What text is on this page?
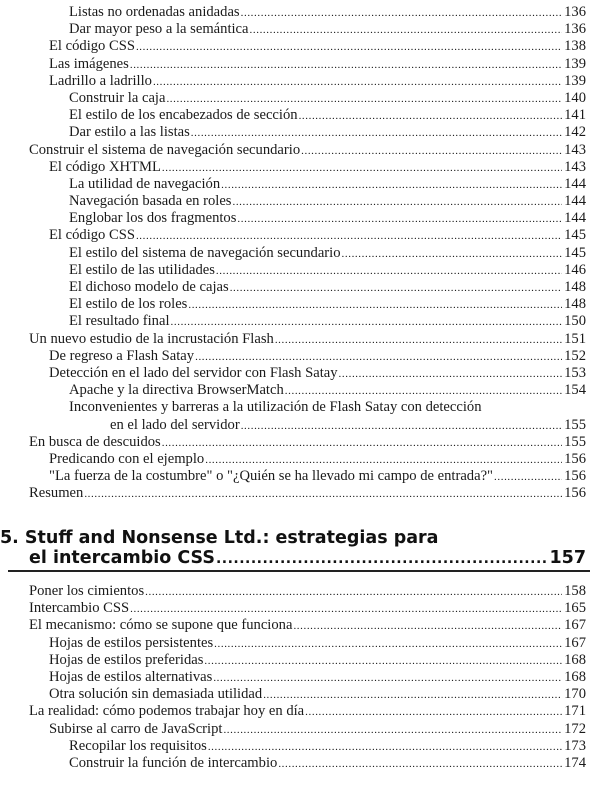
Listas no ordenadas anidadas .....	136
Dar mayor peso a la semántica .....	136
El código CSS .....	138
Las imágenes .....	139
Ladrillo a ladrillo .....	139
Construir la caja .....	140
El estilo de los encabezados de sección .....	141
Dar estilo a las listas .....	142
Construir el sistema de navegación secundario .....	143
El código XHTML .....	143
La utilidad de navegación .....	144
Navegación basada en roles .....	144
Englobar los dos fragmentos .....	144
El código CSS .....	145
El estilo del sistema de navegación secundario .....	145
El estilo de las utilidades .....	146
El dichoso modelo de cajas .....	148
El estilo de los roles .....	148
El resultado final .....	150
Un nuevo estudio de la incrustación Flash .....	151
De regreso a Flash Satay .....	152
Detección en el lado del servidor con Flash Satay .....	153
Apache y la directiva BrowserMatch .....	154
Inconvenientes y barreras a la utilización de Flash Satay con detección
en el lado del servidor .....	155
En busca de descuidos .....	155
Predicando con el ejemplo .....	156
"La fuerza de la costumbre" o "¿Quién se ha llevado mi campo de entrada?" .....	156
Resumen .....	156
5. Stuff and Nonsense Ltd.: estrategias para
el intercambio CSS .....	157
Poner los cimientos .....	158
Intercambio CSS .....	165
El mecanismo: cómo se supone que funciona .....	167
Hojas de estilos persistentes .....	167
Hojas de estilos preferidas .....	168
Hojas de estilos alternativas .....	168
Otra solución sin demasiada utilidad .....	170
La realidad: cómo podemos trabajar hoy en día .....	171
Subirse al carro de JavaScript .....	172
Recopilar los requisitos .....	173
Construir la función de intercambio .....	174
